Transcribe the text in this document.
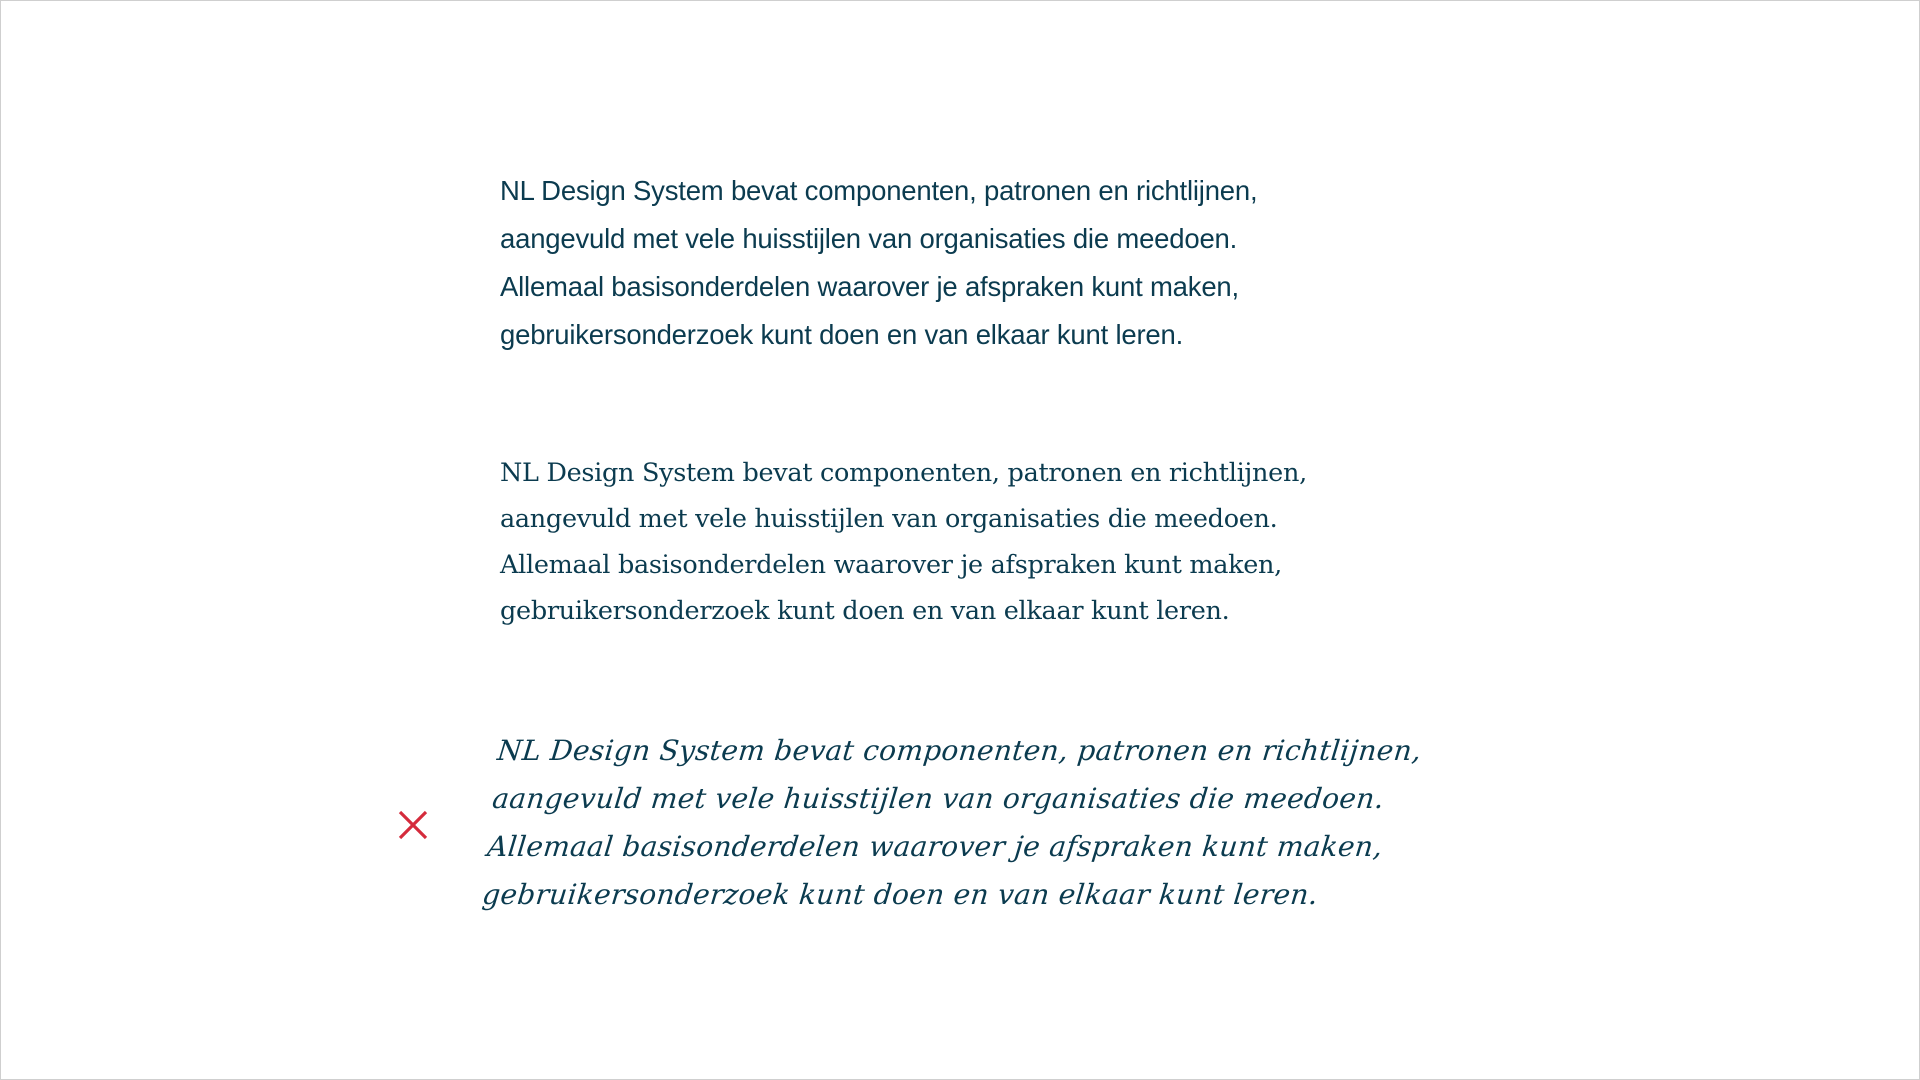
NL Design System bevat componenten, patronen en richtlijnen,
aangevuld met vele huisstijlen van organisaties die meedoen.
Allemaal basisonderdelen waarover je afspraken kunt maken,
gebruikersonderzoek kunt doen en van elkaar kunt leren.

NL Design System bevat componenten, patronen en richtlijnen,
aangevuld met vele huisstijlen van organisaties die meedoen.
Allemaal basisonderdelen waarover je afspraken kunt maken,
gebruikersonderzoek kunt doen en van elkaar kunt leren.

NL Design System bevat componenten, patronen en richtlijnen,
aangevuld met vele huisstijlen van organisaties die meedoen.
Allemaal basisonderdelen waarover je afspraken kunt maken,
gebruikersonderzoek kunt doen en van elkaar kunt leren.
